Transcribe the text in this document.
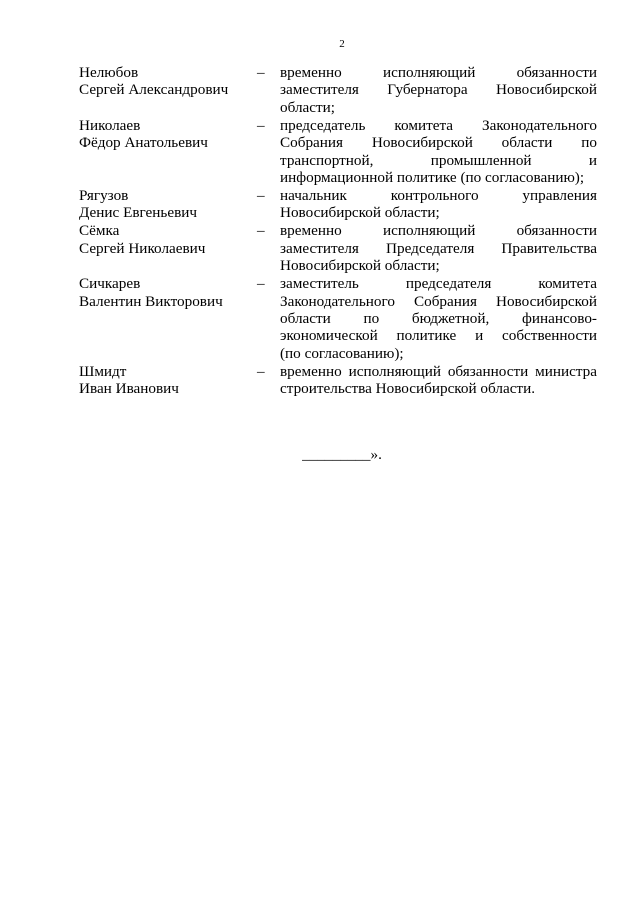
2
Нелюбов
Сергей Александрович
–	временно исполняющий обязанности
заместителя Губернатора Новосибирской
области;
Николаев
Фёдор Анатольевич
–	председатель комитета Законодательного
Собрания Новосибирской области по
транспортной, промышленной и
информационной политике (по согласованию);
Рягузов
Денис Евгеньевич
–	начальник контрольного управления
Новосибирской области;
Сёмка
Сергей Николаевич
–	временно исполняющий обязанности
заместителя Председателя Правительства
Новосибирской области;
Сичкарев
Валентин Викторович
–	заместитель председателя комитета
Законодательного Собрания Новосибирской
области по бюджетной, финансово-
экономической политике и собственности
(по согласованию);
Шмидт
Иван Иванович
–	временно исполняющий обязанности министра
строительства Новосибирской области.
_________».
